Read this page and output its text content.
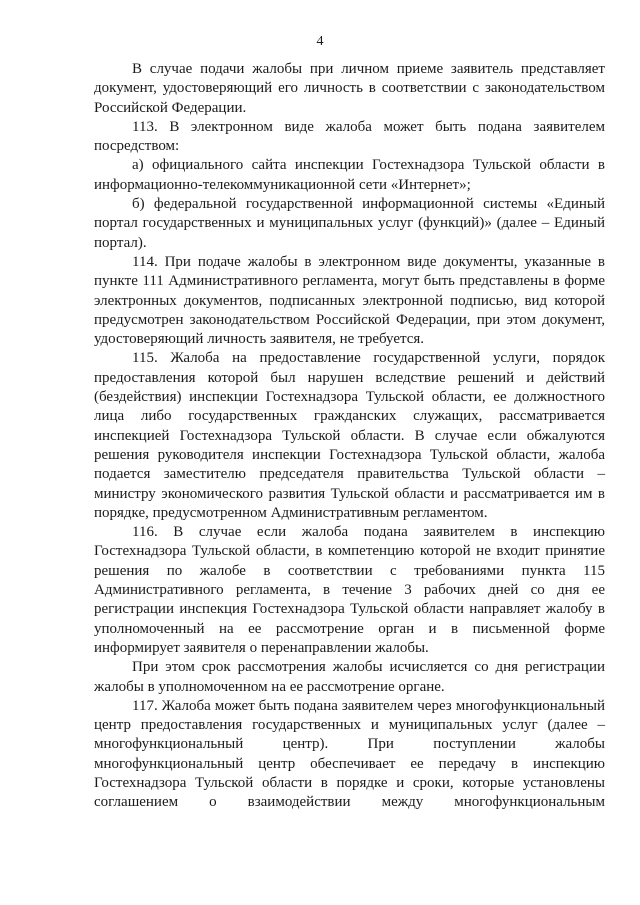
4

В случае подачи жалобы при личном приеме заявитель представляет документ, удостоверяющий его личность в соответствии с законодательством Российской Федерации.

113. В электронном виде жалоба может быть подана заявителем посредством:

а) официального сайта инспекции Гостехнадзора Тульской области в информационно-телекоммуникационной сети «Интернет»;

б) федеральной государственной информационной системы «Единый портал государственных и муниципальных услуг (функций)» (далее – Единый портал).

114. При подаче жалобы в электронном виде документы, указанные в пункте 111 Административного регламента, могут быть представлены в форме электронных документов, подписанных электронной подписью, вид которой предусмотрен законодательством Российской Федерации, при этом документ, удостоверяющий личность заявителя, не требуется.

115. Жалоба на предоставление государственной услуги, порядок предоставления которой был нарушен вследствие решений и действий (бездействия) инспекции Гостехнадзора Тульской области, ее должностного лица либо государственных гражданских служащих, рассматривается инспекцией Гостехнадзора Тульской области. В случае если обжалуются решения руководителя инспекции Гостехнадзора Тульской области, жалоба подается заместителю председателя правительства Тульской области – министру экономического развития Тульской области и рассматривается им в порядке, предусмотренном Административным регламентом.

116. В случае если жалоба подана заявителем в инспекцию Гостехнадзора Тульской области, в компетенцию которой не входит принятие решения по жалобе в соответствии с требованиями пункта 115 Административного регламента, в течение 3 рабочих дней со дня ее регистрации инспекция Гостехнадзора Тульской области направляет жалобу в уполномоченный на ее рассмотрение орган и в письменной форме информирует заявителя о перенаправлении жалобы.

При этом срок рассмотрения жалобы исчисляется со дня регистрации жалобы в уполномоченном на ее рассмотрение органе.

117. Жалоба может быть подана заявителем через многофункциональный центр предоставления государственных и муниципальных услуг (далее – многофункциональный центр). При поступлении жалобы многофункциональный центр обеспечивает ее передачу в инспекцию Гостехнадзора Тульской области в порядке и сроки, которые установлены соглашением о взаимодействии между многофункциональным
